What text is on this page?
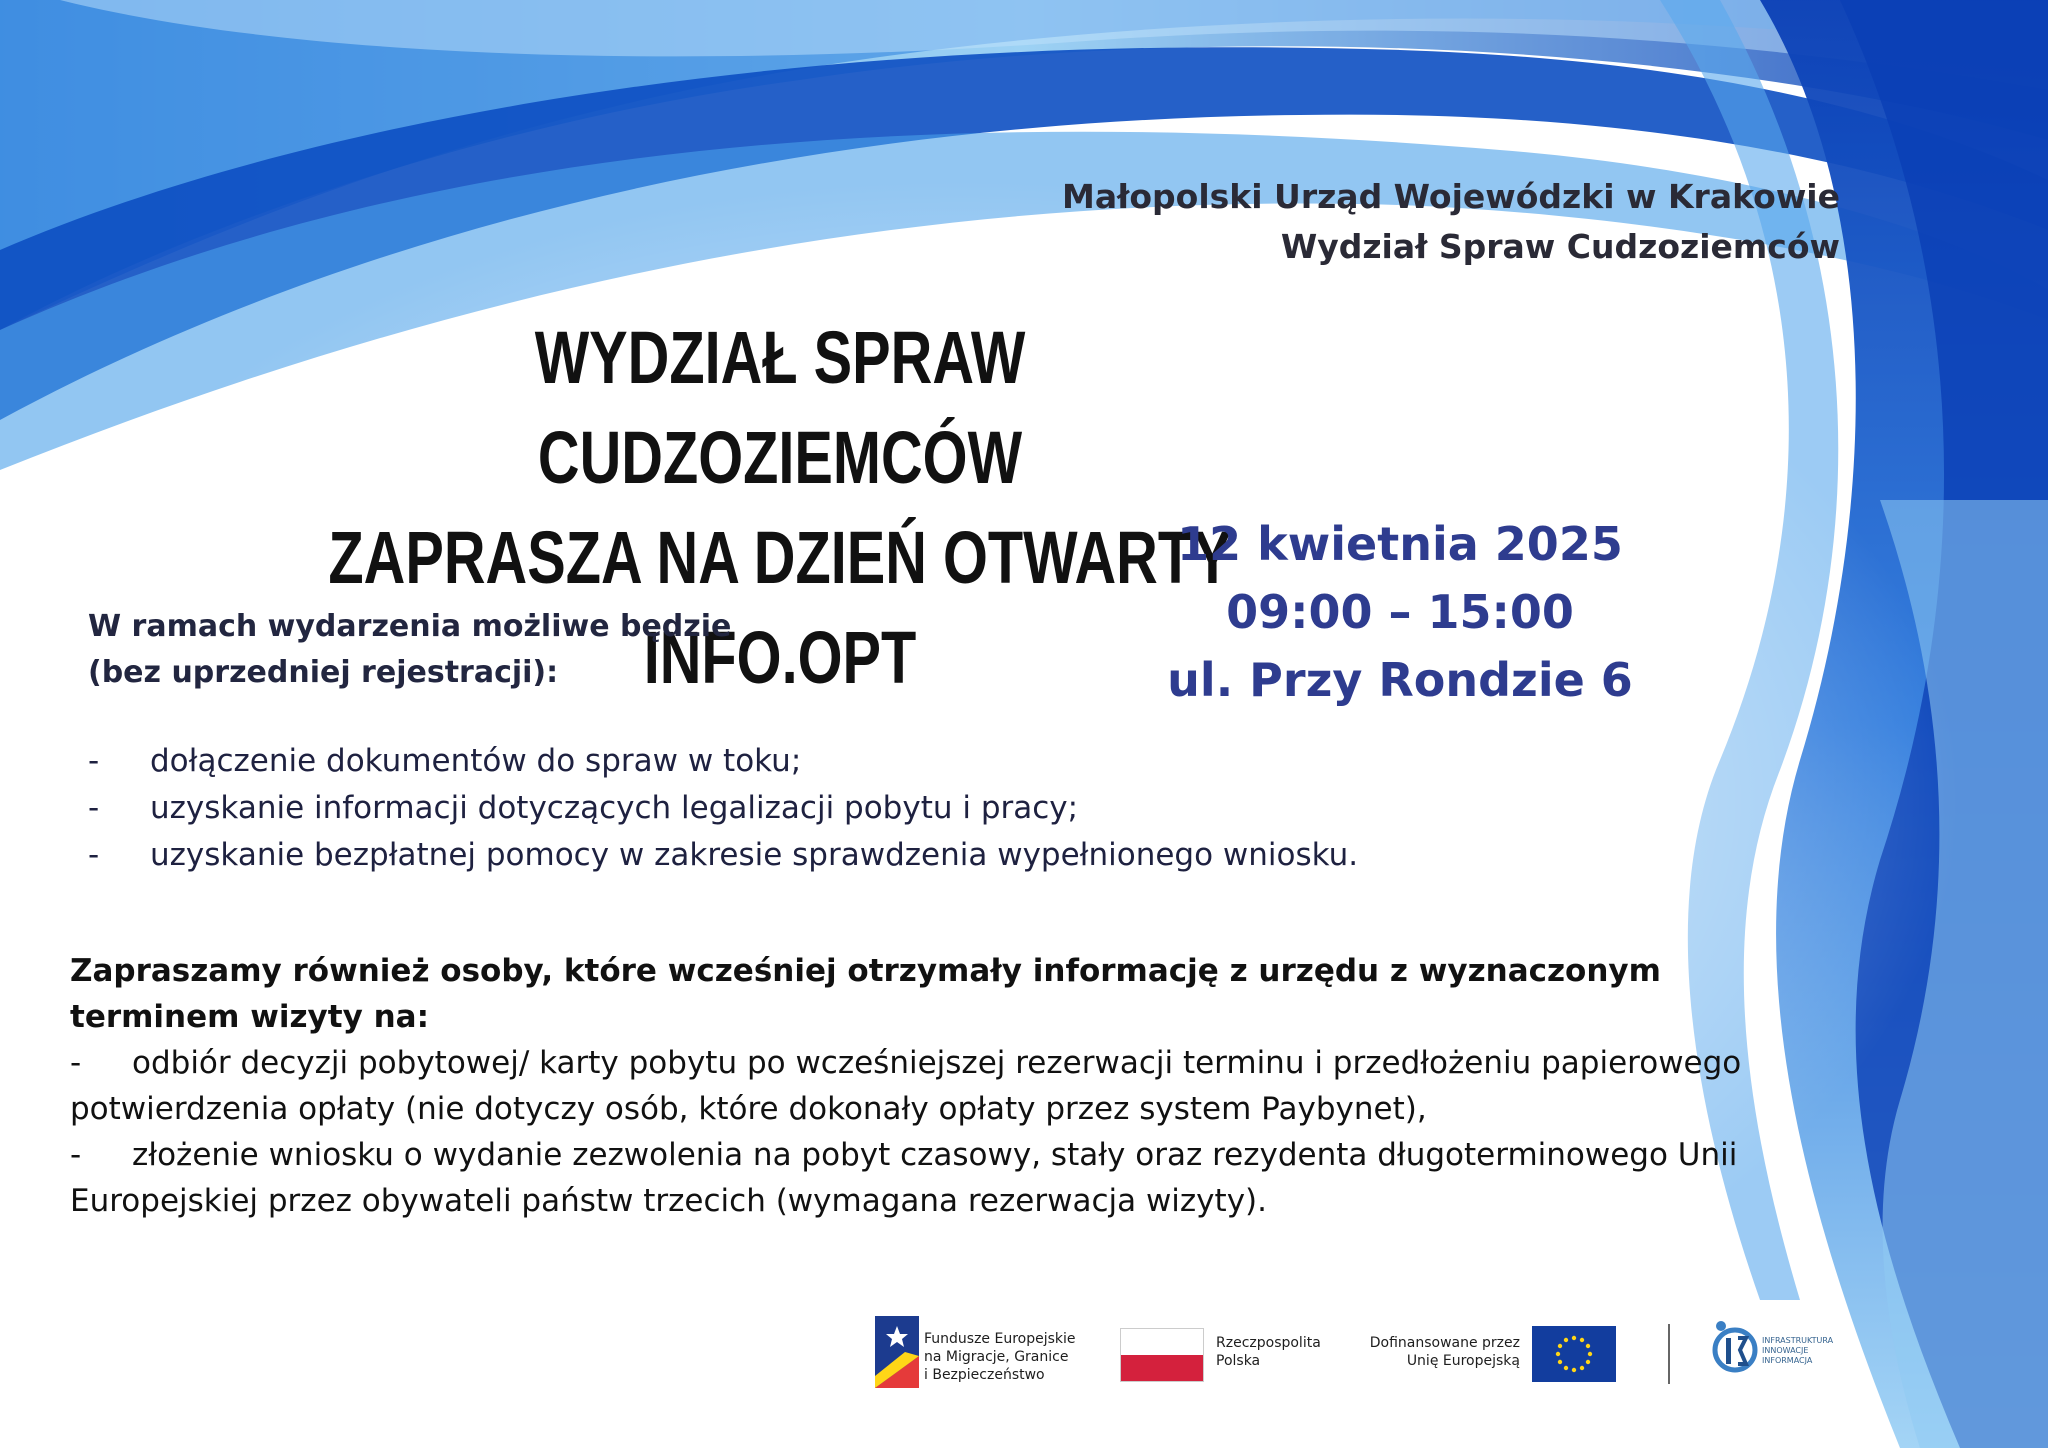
Małopolski Urząd Wojewódzki w Krakowie
Wydział Spraw Cudzoziemców
WYDZIAŁ SPRAW CUDZOZIEMCÓW
ZAPRASZA NA DZIEŃ OTWARTY INFO.OPT
12 kwietnia 2025
09:00 – 15:00
ul. Przy Rondzie 6
W ramach wydarzenia możliwe będzie
(bez uprzedniej rejestracji):
- dołączenie dokumentów do spraw w toku;
- uzyskanie informacji dotyczących legalizacji pobytu i pracy;
- uzyskanie bezpłatnej pomocy w zakresie sprawdzenia wypełnionego wniosku.
Zapraszamy również osoby, które wcześniej otrzymały informację z urzędu z wyznaczonym terminem wizyty na:
- odbiór decyzji pobytowej/ karty pobytu po wcześniejszej rezerwacji terminu i przedłożeniu papierowego potwierdzenia opłaty (nie dotyczy osób, które dokonały opłaty przez system Paybynet),
- złożenie wniosku o wydanie zezwolenia na pobyt czasowy, stały oraz rezydenta długoterminowego Unii Europejskiej przez obywateli państw trzecich (wymagana rezerwacja wizyty).
Fundusze Europejskie
na Migracje, Granice
i Bezpieczeństwo
Rzeczpospolita
Polska
Dofinansowane przez
Unię Europejską
INFRASTRUKTURA
INNOWACJE
INFORMACJA
